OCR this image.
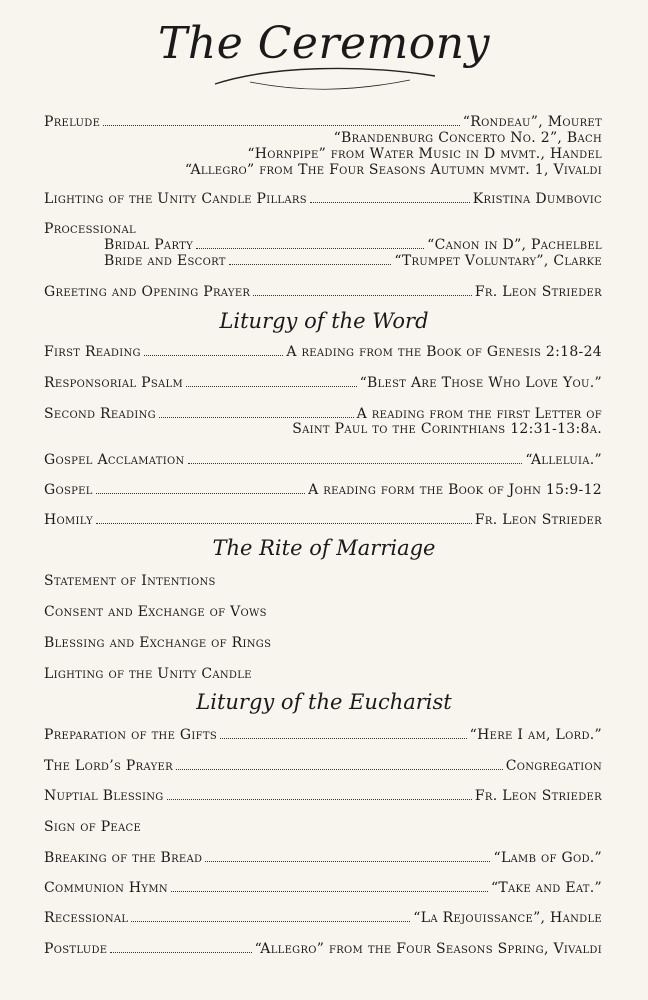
The Ceremony
Prelude	“Rondeau”, Mouret
“Brandenburg Concerto No. 2”, Bach
“Hornpipe” from Water Music in D mvmt., Handel
“Allegro” from The Four Seasons Autumn mvmt. 1, Vivaldi
Lighting of the Unity Candle Pillars	Kristina Dumbovic
Processional
Bridal Party	“Canon in D”, Pachelbel
Bride and Escort	“Trumpet Voluntary”, Clarke
Greeting and Opening Prayer	Fr. Leon Strieder
Liturgy of the Word
First Reading	A reading from the Book of Genesis 2:18-24
Responsorial Psalm	“Blest Are Those Who Love You.”
Second Reading	A reading from the first Letter of
Saint Paul to the Corinthians 12:31-13:8a.
Gospel Acclamation	“Alleluia.”
Gospel	A reading form the Book of John 15:9-12
Homily	Fr. Leon Strieder
The Rite of Marriage
Statement of Intentions
Consent and Exchange of Vows
Blessing and Exchange of Rings
Lighting of the Unity Candle
Liturgy of the Eucharist
Preparation of the Gifts	“Here I am, Lord.”
The Lord’s Prayer	Congregation
Nuptial Blessing	Fr. Leon Strieder
Sign of Peace
Breaking of the Bread	“Lamb of God.”
Communion Hymn	“Take and Eat.”
Recessional	“La Rejouissance”, Handle
Postlude	“Allegro” from the Four Seasons Spring, Vivaldi
